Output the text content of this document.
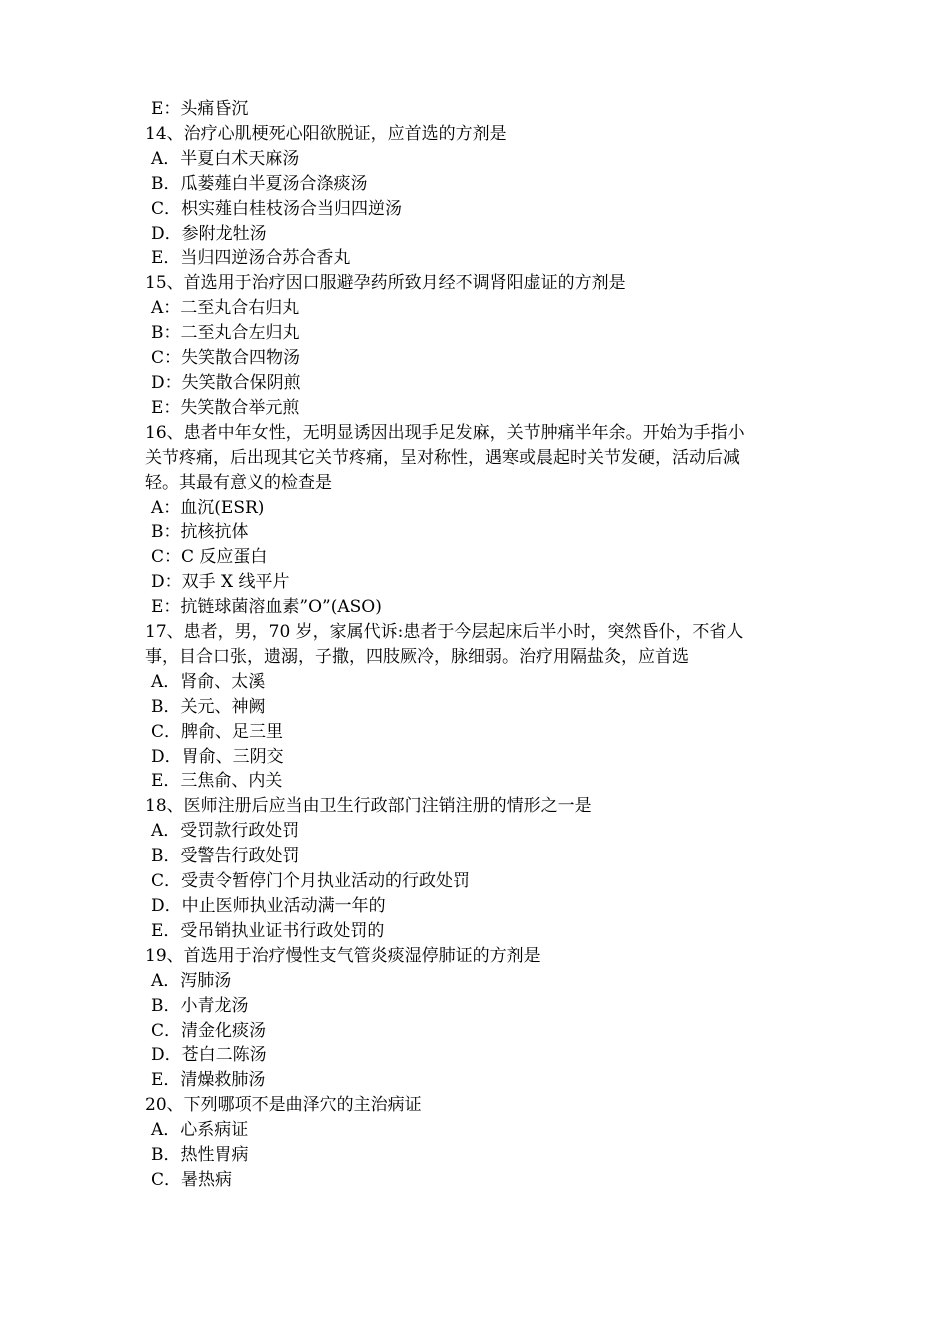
E：头痛昏沉
14、治疗心肌梗死心阳欲脱证，应首选的方剂是
A．半夏白术天麻汤
B．瓜蒌薤白半夏汤合涤痰汤
C．枳实薤白桂枝汤合当归四逆汤
D．参附龙牡汤
E．当归四逆汤合苏合香丸
15、首选用于治疗因口服避孕药所致月经不调肾阳虚证的方剂是
A：二至丸合右归丸
B：二至丸合左归丸
C：失笑散合四物汤
D：失笑散合保阴煎
E：失笑散合举元煎
16、患者中年女性，无明显诱因出现手足发麻，关节肿痛半年余。开始为手指小
关节疼痛，后出现其它关节疼痛，呈对称性，遇寒或晨起时关节发硬，活动后减
轻。其最有意义的检查是
A：血沉(ESR)
B：抗核抗体
C：C 反应蛋白
D：双手 X 线平片
E：抗链球菌溶血素”O”(ASO)
17、患者，男，70 岁，家属代诉:患者于今层起床后半小时，突然昏仆，不省人
事，目合口张，遗溺，子撒，四肢厥冷，脉细弱。治疗用隔盐灸，应首选
A．肾俞、太溪
B．关元、神阙
C．脾俞、足三里
D．胃俞、三阴交
E．三焦俞、内关
18、医师注册后应当由卫生行政部门注销注册的情形之一是
A．受罚款行政处罚
B．受警告行政处罚
C．受责令暂停门个月执业活动的行政处罚
D．中止医师执业活动满一年的
E．受吊销执业证书行政处罚的
19、首选用于治疗慢性支气管炎痰湿停肺证的方剂是
A．泻肺汤
B．小青龙汤
C．清金化痰汤
D．苍白二陈汤
E．清燥救肺汤
20、下列哪项不是曲泽穴的主治病证
A．心系病证
B．热性胃病
C．暑热病
